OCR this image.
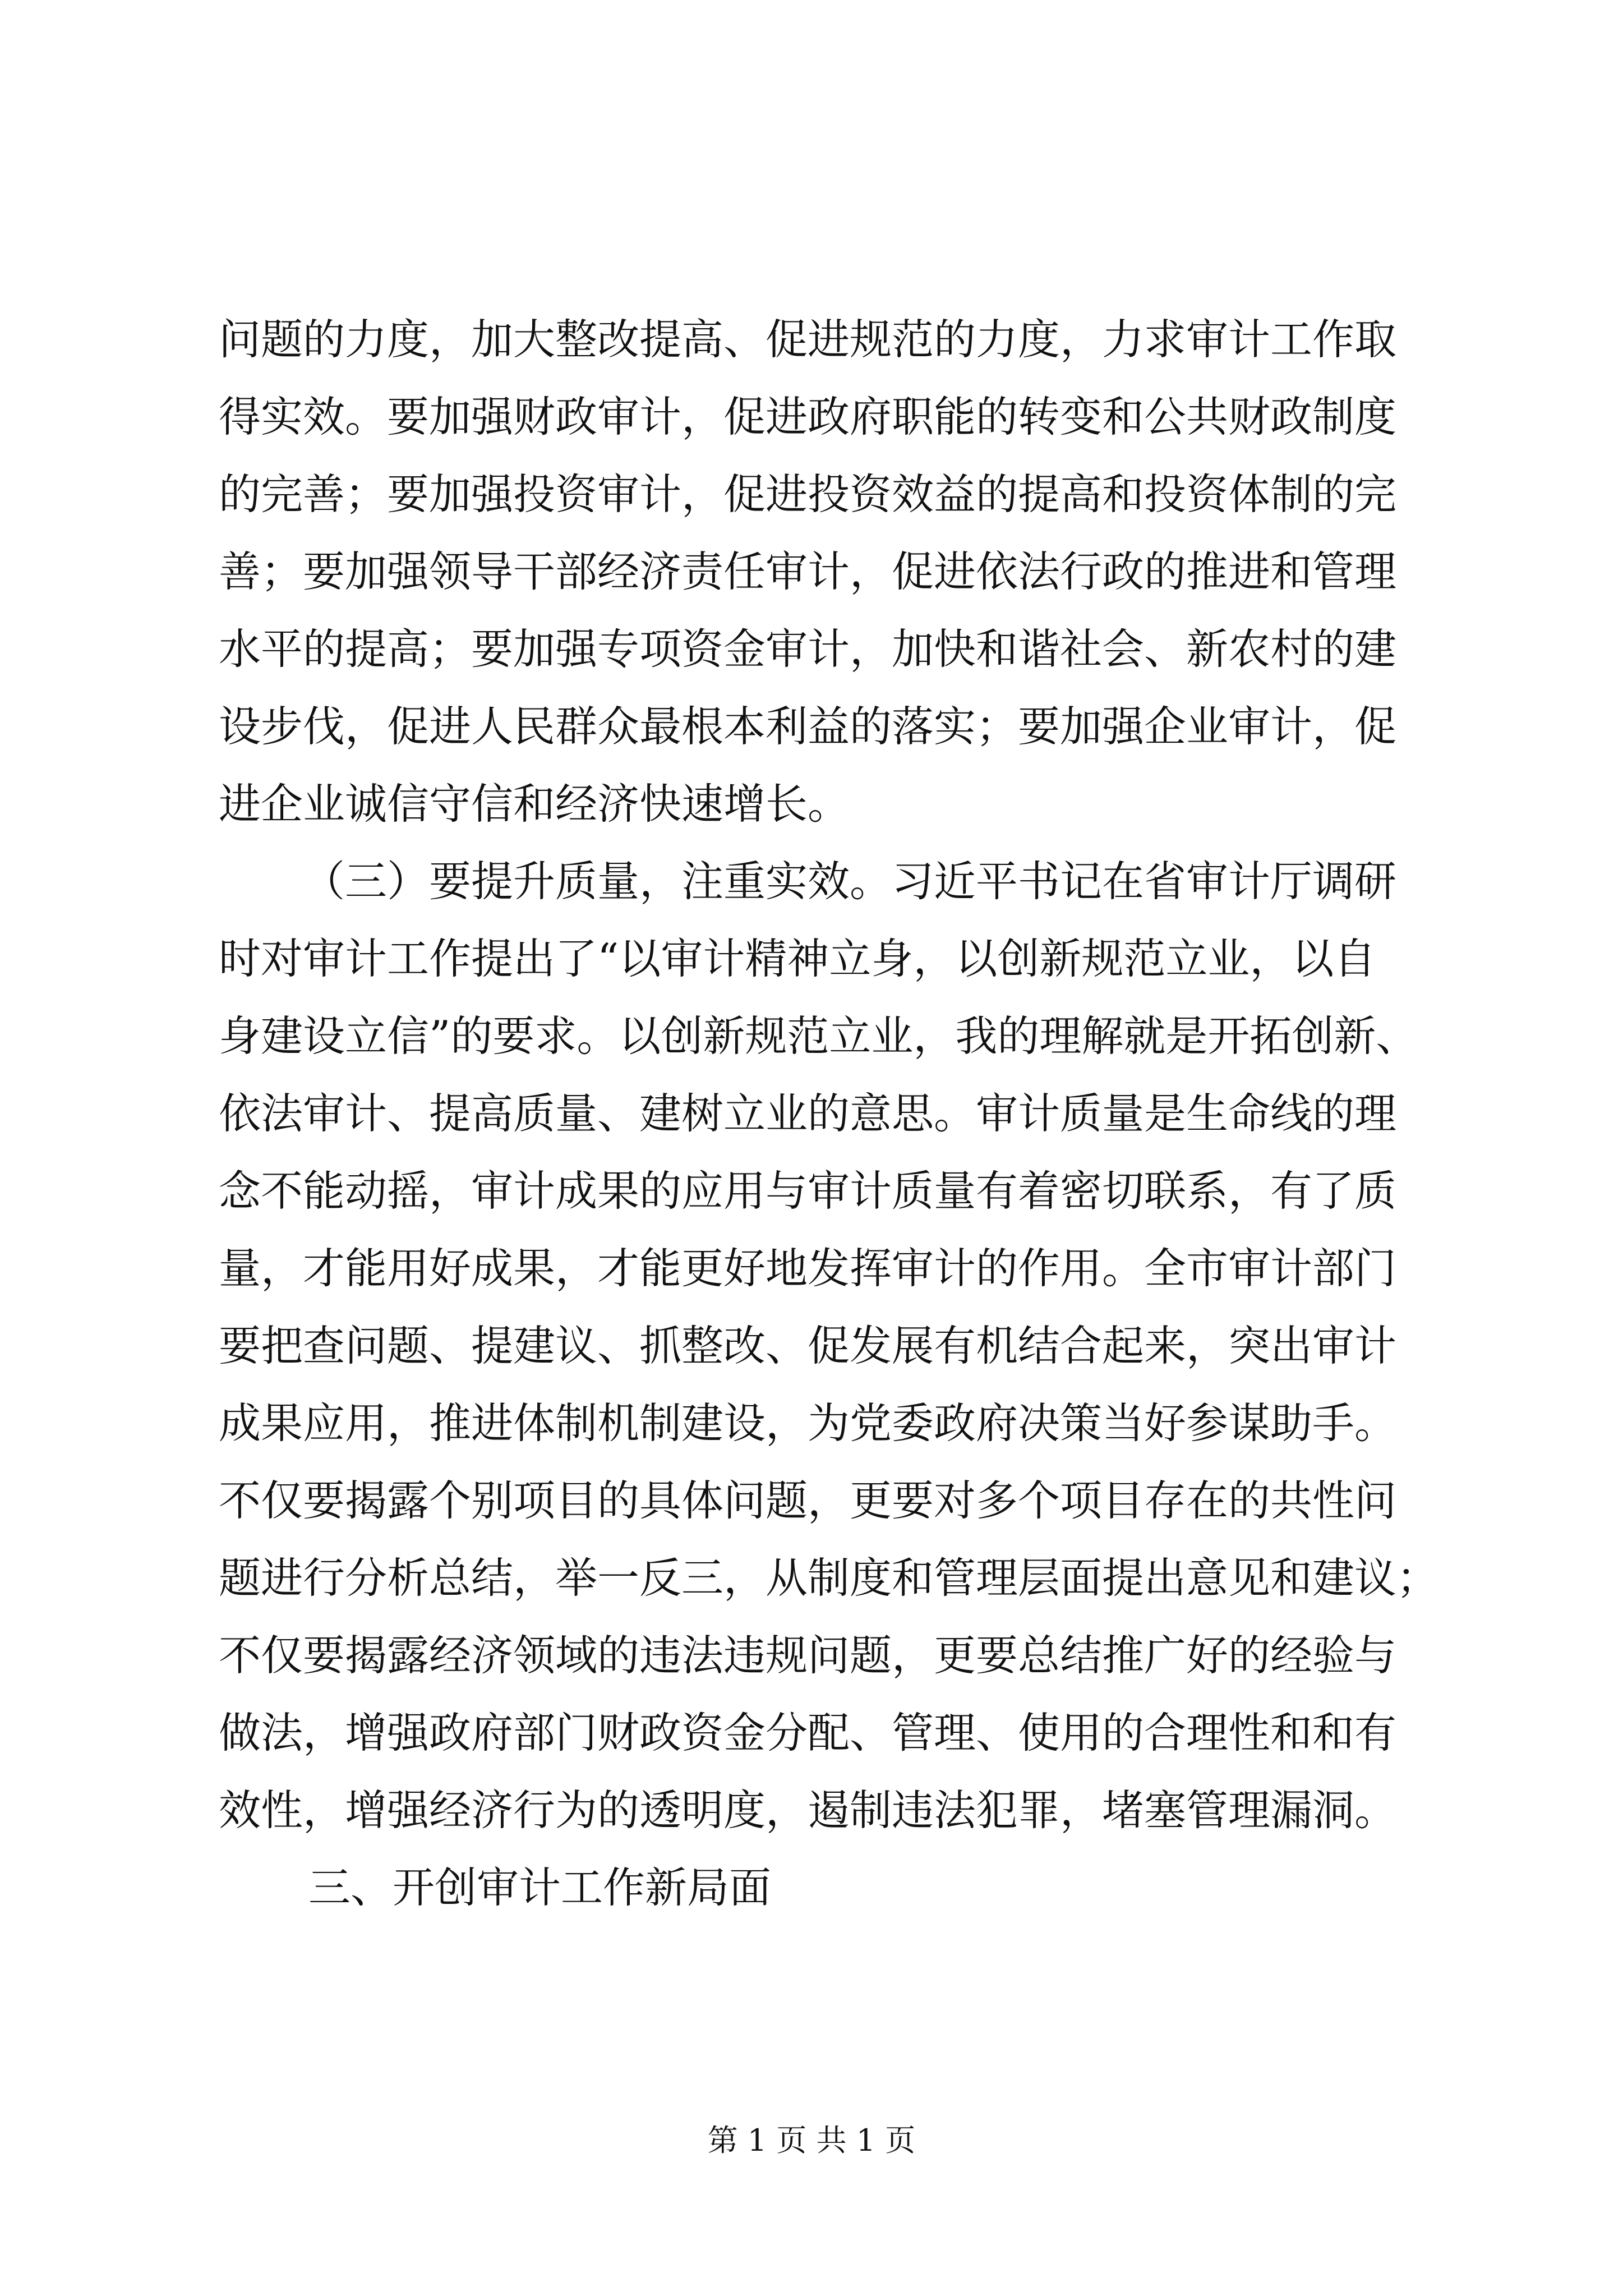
问题的力度，加大整改提高、促进规范的力度，力求审计工作取
得实效。要加强财政审计，促进政府职能的转变和公共财政制度
的完善；要加强投资审计，促进投资效益的提高和投资体制的完
善；要加强领导干部经济责任审计，促进依法行政的推进和管理
水平的提高；要加强专项资金审计，加快和谐社会、新农村的建
设步伐，促进人民群众最根本利益的落实；要加强企业审计，促
进企业诚信守信和经济快速增长。
（三）要提升质量，注重实效。习近平书记在省审计厅调研
时对审计工作提出了“以审计精神立身，以创新规范立业，以自
身建设立信”的要求。以创新规范立业，我的理解就是开拓创新、
依法审计、提高质量、建树立业的意思。审计质量是生命线的理
念不能动摇，审计成果的应用与审计质量有着密切联系，有了质
量，才能用好成果，才能更好地发挥审计的作用。全市审计部门
要把查问题、提建议、抓整改、促发展有机结合起来，突出审计
成果应用，推进体制机制建设，为党委政府决策当好参谋助手。
不仅要揭露个别项目的具体问题，更要对多个项目存在的共性问
题进行分析总结，举一反三，从制度和管理层面提出意见和建议；
不仅要揭露经济领域的违法违规问题，更要总结推广好的经验与
做法，增强政府部门财政资金分配、管理、使用的合理性和和有
效性，增强经济行为的透明度，遏制违法犯罪，堵塞管理漏洞。
三、开创审计工作新局面
第 1 页 共 1 页
